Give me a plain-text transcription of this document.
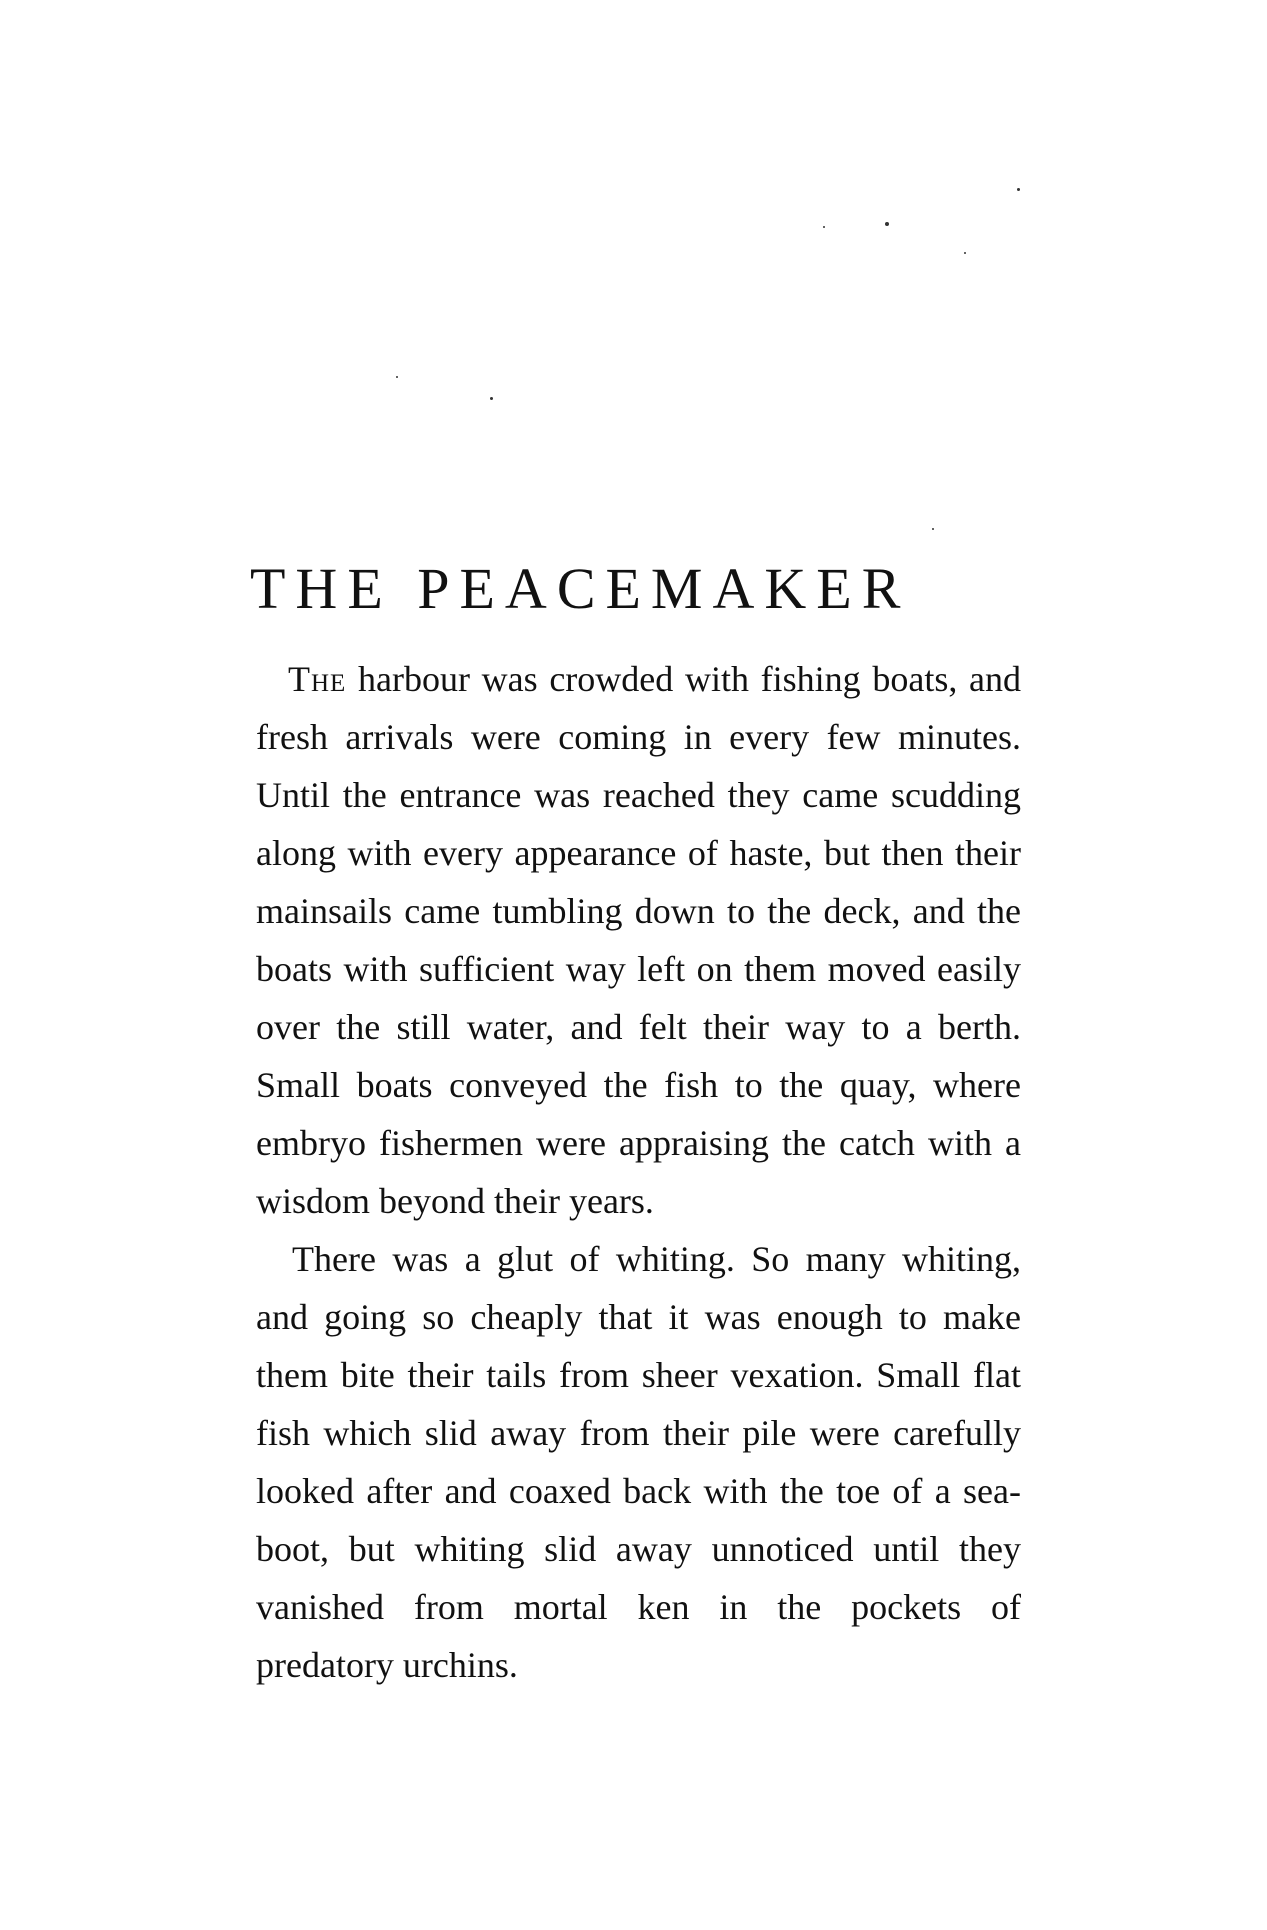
THE PEACEMAKER

The harbour was crowded with fishing boats, and fresh arrivals were coming in every few minutes. Until the entrance was reached they came scudding along with every appearance of haste, but then their mainsails came tumbling down to the deck, and the boats with sufficient way left on them moved easily over the still water, and felt their way to a berth. Small boats conveyed the fish to the quay, where embryo fishermen were appraising the catch with a wisdom beyond their years.

There was a glut of whiting. So many whiting, and going so cheaply that it was enough to make them bite their tails from sheer vexation. Small flat fish which slid away from their pile were carefully looked after and coaxed back with the toe of a sea-boot, but whiting slid away unnoticed until they vanished from mortal ken in the pockets of predatory urchins.
